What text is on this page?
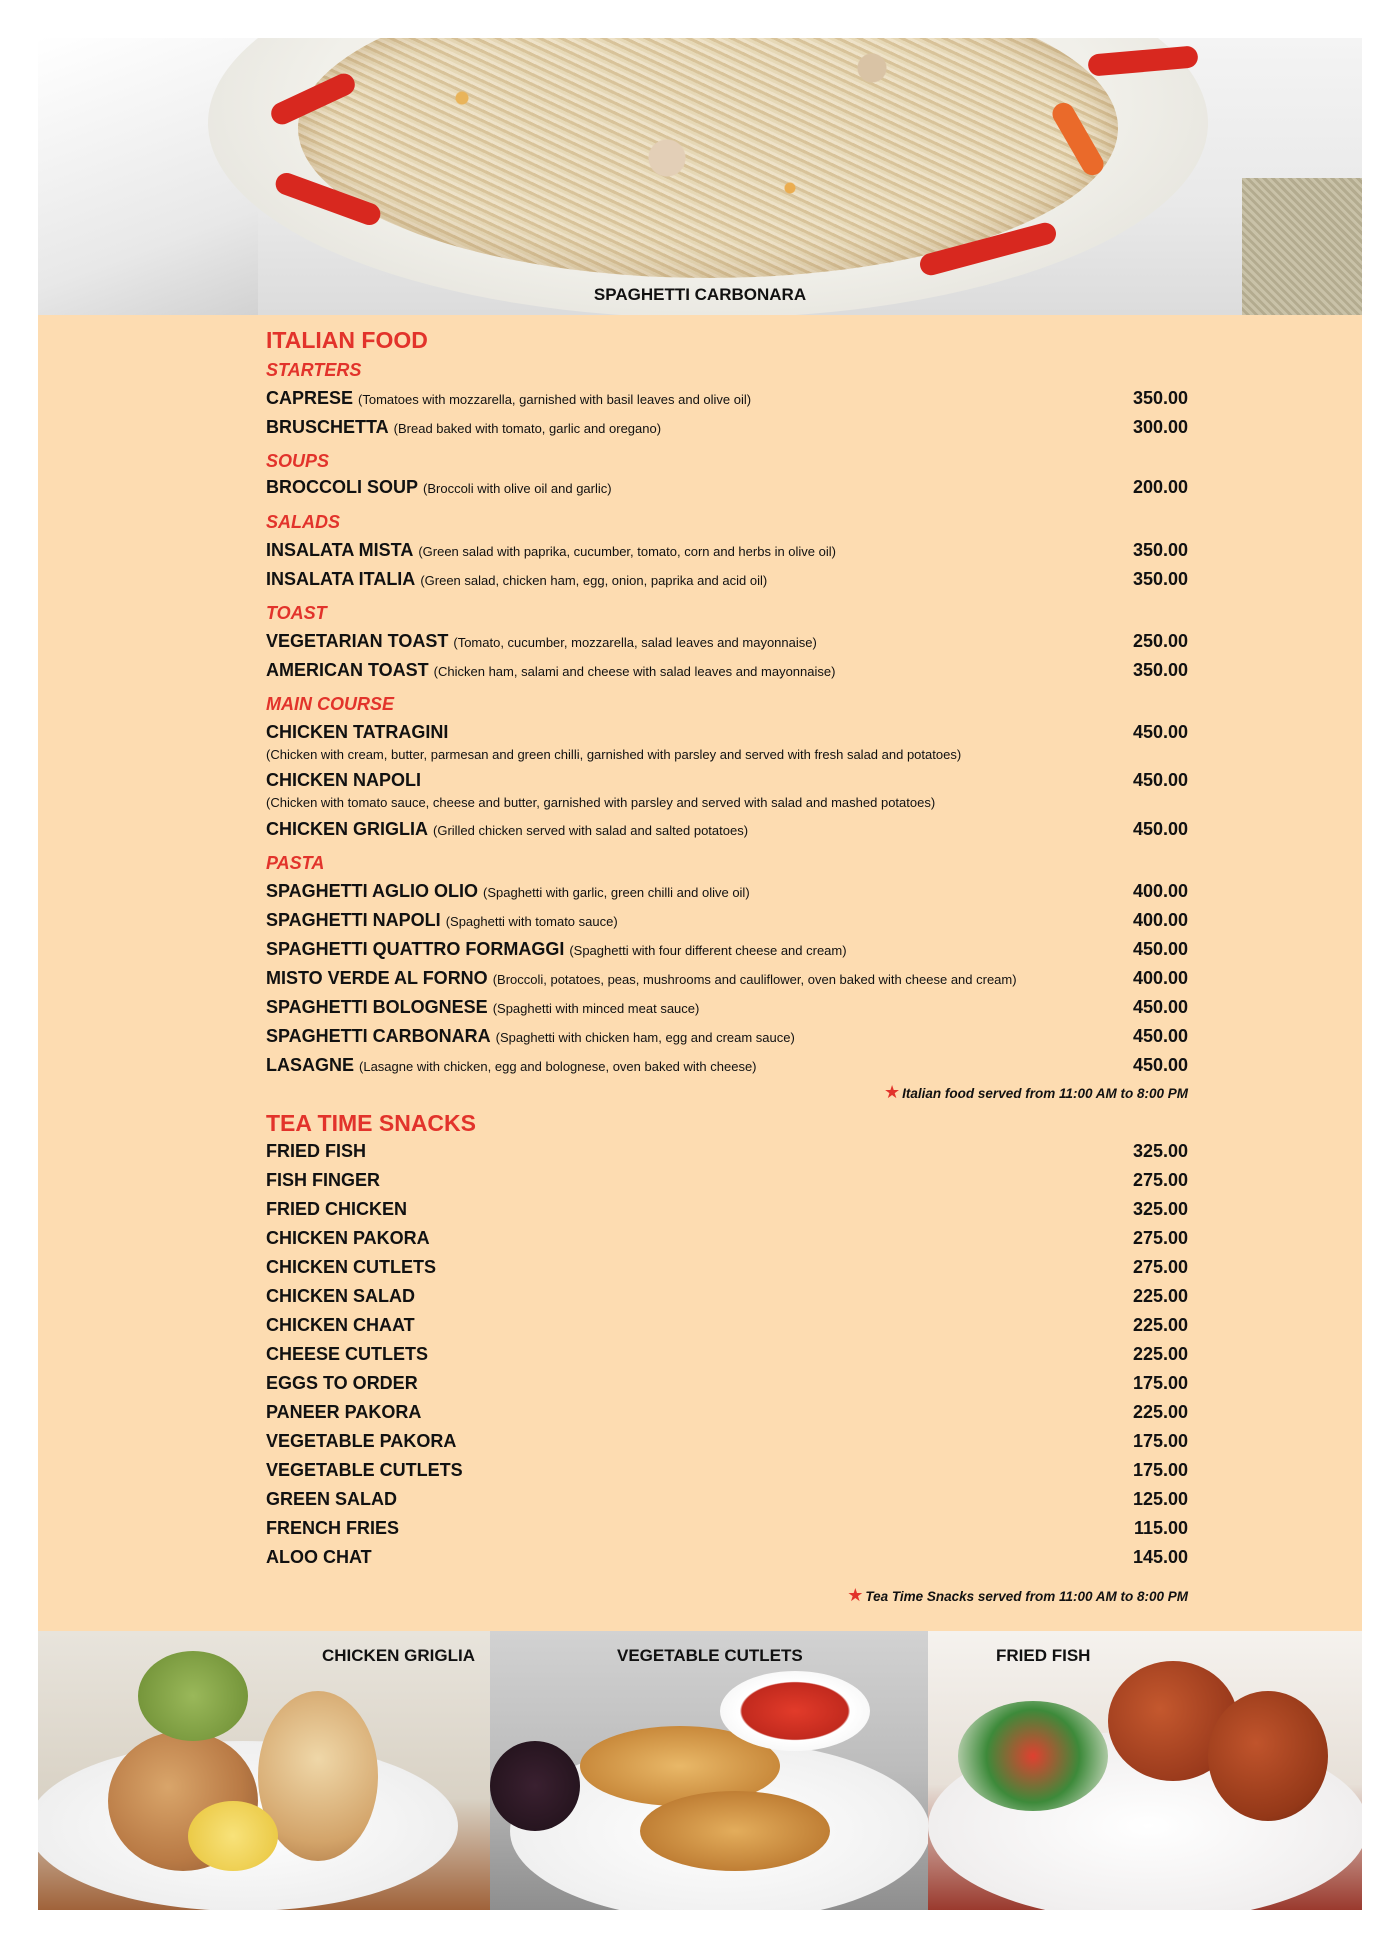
SPAGHETTI CARBONARA
ITALIAN FOOD
STARTERS
CAPRESE (Tomatoes with mozzarella, garnished with basil leaves and olive oil)	350.00
BRUSCHETTA (Bread baked with tomato, garlic and oregano)	300.00
SOUPS
BROCCOLI SOUP (Broccoli with olive oil and garlic)	200.00
SALADS
INSALATA MISTA (Green salad with paprika, cucumber, tomato, corn and herbs in olive oil)	350.00
INSALATA ITALIA (Green salad, chicken ham, egg, onion, paprika and acid oil)	350.00
TOAST
VEGETARIAN TOAST (Tomato, cucumber, mozzarella, salad leaves and mayonnaise)	250.00
AMERICAN TOAST (Chicken ham, salami and cheese with salad leaves and mayonnaise)	350.00
MAIN COURSE
CHICKEN TATRAGINI	450.00
(Chicken with cream, butter, parmesan and green chilli, garnished with parsley and served with fresh salad and potatoes)
CHICKEN NAPOLI	450.00
(Chicken with tomato sauce, cheese and butter, garnished with parsley and served with salad and mashed potatoes)
CHICKEN GRIGLIA (Grilled chicken served with salad and salted potatoes)	450.00
PASTA
SPAGHETTI AGLIO OLIO (Spaghetti with garlic, green chilli and olive oil)	400.00
SPAGHETTI NAPOLI (Spaghetti with tomato sauce)	400.00
SPAGHETTI QUATTRO FORMAGGI (Spaghetti with four different cheese and cream)	450.00
MISTO VERDE AL FORNO (Broccoli, potatoes, peas, mushrooms and cauliflower, oven baked with cheese and cream)	400.00
SPAGHETTI BOLOGNESE (Spaghetti with minced meat sauce)	450.00
SPAGHETTI CARBONARA (Spaghetti with chicken ham, egg and cream sauce)	450.00
LASAGNE (Lasagne with chicken, egg and bolognese, oven baked with cheese)	450.00
★ Italian food served from 11:00 AM to 8:00 PM
TEA TIME SNACKS
FRIED FISH	325.00
FISH FINGER	275.00
FRIED CHICKEN	325.00
CHICKEN PAKORA	275.00
CHICKEN CUTLETS	275.00
CHICKEN SALAD	225.00
CHICKEN CHAAT	225.00
CHEESE CUTLETS	225.00
EGGS TO ORDER	175.00
PANEER PAKORA	225.00
VEGETABLE PAKORA	175.00
VEGETABLE CUTLETS	175.00
GREEN SALAD	125.00
FRENCH FRIES	115.00
ALOO CHAT	145.00
★ Tea Time Snacks served from 11:00 AM to 8:00 PM
CHICKEN GRIGLIA	VEGETABLE CUTLETS	FRIED FISH
